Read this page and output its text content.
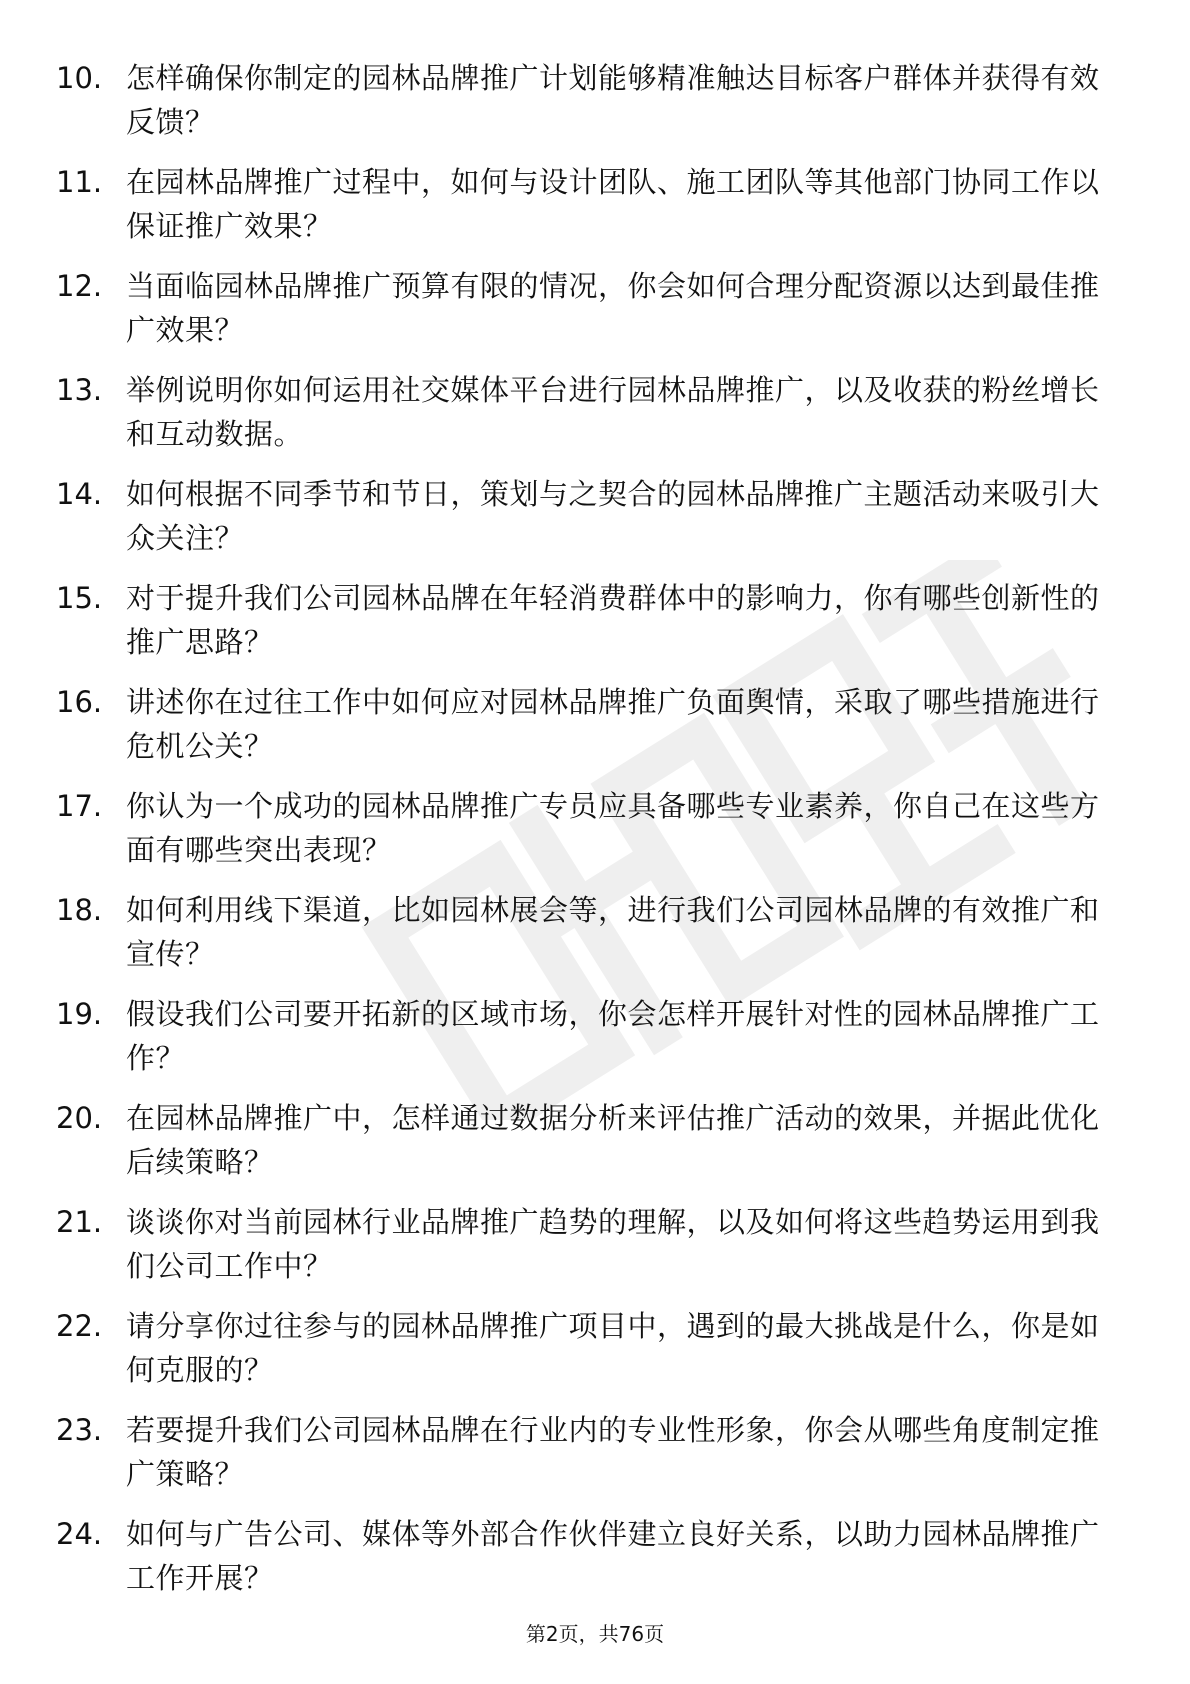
10. 怎样确保你制定的园林品牌推广计划能够精准触达目标客户群体并获得有效反馈？
11. 在园林品牌推广过程中，如何与设计团队、施工团队等其他部门协同工作以保证推广效果？
12. 当面临园林品牌推广预算有限的情况，你会如何合理分配资源以达到最佳推广效果？
13. 举例说明你如何运用社交媒体平台进行园林品牌推广，以及收获的粉丝增长和互动数据。
14. 如何根据不同季节和节日，策划与之契合的园林品牌推广主题活动来吸引大众关注？
15. 对于提升我们公司园林品牌在年轻消费群体中的影响力，你有哪些创新性的推广思路？
16. 讲述你在过往工作中如何应对园林品牌推广负面舆情，采取了哪些措施进行危机公关？
17. 你认为一个成功的园林品牌推广专员应具备哪些专业素养，你自己在这些方面有哪些突出表现？
18. 如何利用线下渠道，比如园林展会等，进行我们公司园林品牌的有效推广和宣传？
19. 假设我们公司要开拓新的区域市场，你会怎样开展针对性的园林品牌推广工作？
20. 在园林品牌推广中，怎样通过数据分析来评估推广活动的效果，并据此优化后续策略？
21. 谈谈你对当前园林行业品牌推广趋势的理解，以及如何将这些趋势运用到我们公司工作中？
22. 请分享你过往参与的园林品牌推广项目中，遇到的最大挑战是什么，你是如何克服的？
23. 若要提升我们公司园林品牌在行业内的专业性形象，你会从哪些角度制定推广策略？
24. 如何与广告公司、媒体等外部合作伙伴建立良好关系，以助力园林品牌推广工作开展？
第2页，共76页
